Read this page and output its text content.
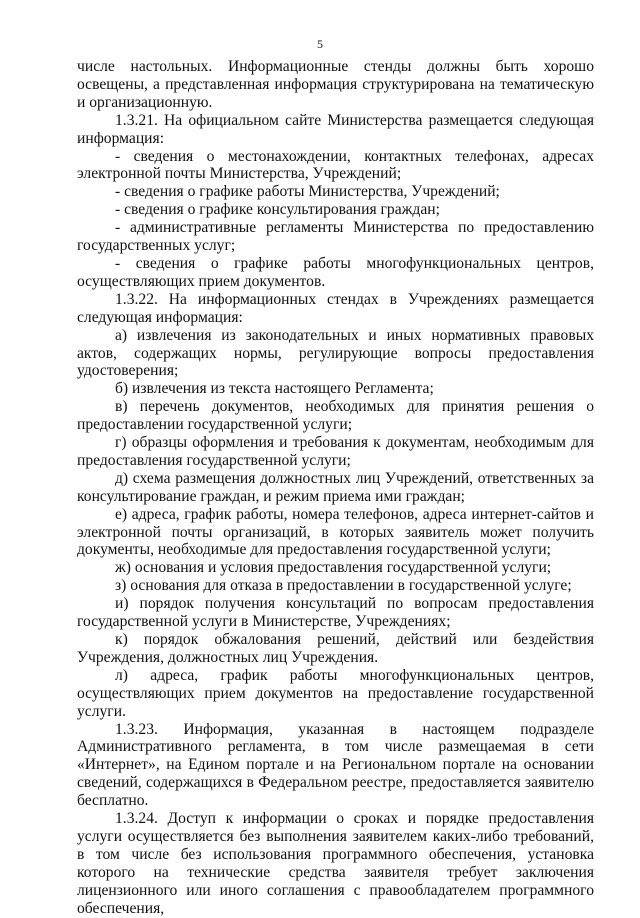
5

числе настольных. Информационные стенды должны быть хорошо освещены, а представленная информация структурирована на тематическую и организационную.

1.3.21. На официальном сайте Министерства размещается следующая информация:

- сведения о местонахождении, контактных телефонах, адресах электронной почты Министерства, Учреждений;

- сведения о графике работы Министерства, Учреждений;

- сведения о графике консультирования граждан;

- административные регламенты Министерства по предоставлению государственных услуг;

- сведения о графике работы многофункциональных центров, осуществляющих прием документов.

1.3.22. На информационных стендах в Учреждениях размещается следующая информация:

а) извлечения из законодательных и иных нормативных правовых актов, содержащих нормы, регулирующие вопросы предоставления удостоверения;

б) извлечения из текста настоящего Регламента;

в) перечень документов, необходимых для принятия решения о предоставлении государственной услуги;

г) образцы оформления и требования к документам, необходимым для предоставления государственной услуги;

д) схема размещения должностных лиц Учреждений, ответственных за консультирование граждан, и режим приема ими граждан;

е) адреса, график работы, номера телефонов, адреса интернет-сайтов и электронной почты организаций, в которых заявитель может получить документы, необходимые для предоставления государственной услуги;

ж) основания и условия предоставления государственной услуги;

з) основания для отказа в предоставлении в государственной услуге;

и) порядок получения консультаций по вопросам предоставления государственной услуги в Министерстве, Учреждениях;

к) порядок обжалования решений, действий или бездействия Учреждения, должностных лиц Учреждения.

л) адреса, график работы многофункциональных центров, осуществляющих прием документов на предоставление государственной услуги.

1.3.23. Информация, указанная в настоящем подразделе Административного регламента, в том числе размещаемая в сети «Интернет», на Едином портале и на Региональном портале на основании сведений, содержащихся в Федеральном реестре, предоставляется заявителю бесплатно.

1.3.24. Доступ к информации о сроках и порядке предоставления услуги осуществляется без выполнения заявителем каких-либо требований, в том числе без использования программного обеспечения, установка которого на технические средства заявителя требует заключения лицензионного или иного соглашения с правообладателем программного обеспечения,
